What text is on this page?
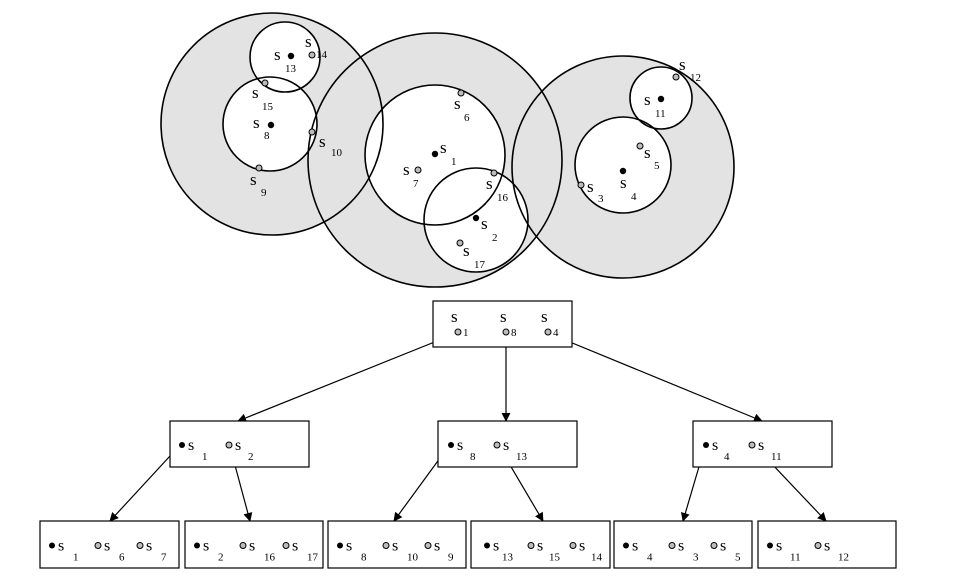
s
1
s
2
s
3
s
4
s
5
s
6
s
7
s
8
s
9
s
10
s
11
s
12
s
13
s
14
s
15
s
16
s
17
s
1
s
8
s
4
s
1
s
2
s
8
s
13
s
4
s
11
s
1
s
6
s
7
s
2
s
16
s
17
s
8
s
10
s
9
s
13
s
15
s
14
s
4
s
3
s
5
s
11
s
12
